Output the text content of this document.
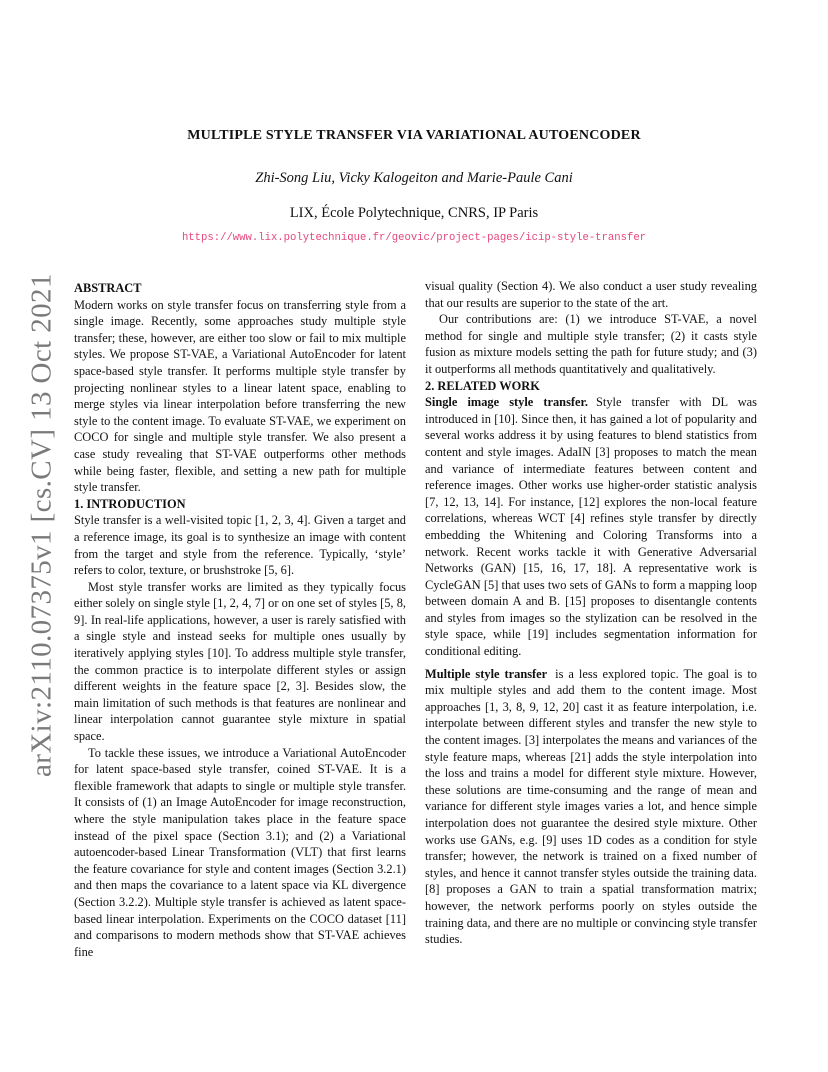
arXiv:2110.07375v1 [cs.CV] 13 Oct 2021
MULTIPLE STYLE TRANSFER VIA VARIATIONAL AUTOENCODER
Zhi-Song Liu, Vicky Kalogeiton and Marie-Paule Cani
LIX, École Polytechnique, CNRS, IP Paris
https://www.lix.polytechnique.fr/geovic/project-pages/icip-style-transfer

ABSTRACT

Modern works on style transfer focus on transferring style from a single image. Recently, some approaches study multiple style transfer; these, however, are either too slow or fail to mix multiple styles. We propose ST-VAE, a Variational AutoEncoder for latent space-based style transfer. It performs multiple style transfer by projecting nonlinear styles to a linear latent space, enabling to merge styles via linear interpolation before transferring the new style to the content image. To evaluate ST-VAE, we experiment on COCO for single and multiple style transfer. We also present a case study revealing that ST-VAE outperforms other methods while being faster, flexible, and setting a new path for multiple style transfer.

1. INTRODUCTION

Style transfer is a well-visited topic [1, 2, 3, 4]. Given a target and a reference image, its goal is to synthesize an image with content from the target and style from the reference. Typically, ‘style’ refers to color, texture, or brushstroke [5, 6].

Most style transfer works are limited as they typically focus either solely on single style [1, 2, 4, 7] or on one set of styles [5, 8, 9]. In real-life applications, however, a user is rarely satisfied with a single style and instead seeks for multiple ones usually by iteratively applying styles [10]. To address multiple style transfer, the common practice is to interpolate different styles or assign different weights in the feature space [2, 3]. Besides slow, the main limitation of such methods is that features are nonlinear and linear interpolation cannot guarantee style mixture in spatial space.

To tackle these issues, we introduce a Variational AutoEncoder for latent space-based style transfer, coined ST-VAE. It is a flexible framework that adapts to single or multiple style transfer. It consists of (1) an Image AutoEncoder for image reconstruction, where the style manipulation takes place in the feature space instead of the pixel space (Section 3.1); and (2) a Variational autoencoder-based Linear Transformation (VLT) that first learns the feature covariance for style and content images (Section 3.2.1) and then maps the covariance to a latent space via KL divergence (Section 3.2.2). Multiple style transfer is achieved as latent space-based linear interpolation. Experiments on the COCO dataset [11] and comparisons to modern methods show that ST-VAE achieves fine

visual quality (Section 4). We also conduct a user study revealing that our results are superior to the state of the art.

Our contributions are: (1) we introduce ST-VAE, a novel method for single and multiple style transfer; (2) it casts style fusion as mixture models setting the path for future study; and (3) it outperforms all methods quantitatively and qualitatively.

2. RELATED WORK

Single image style transfer. Style transfer with DL was introduced in [10]. Since then, it has gained a lot of popularity and several works address it by using features to blend statistics from content and style images. AdaIN [3] proposes to match the mean and variance of intermediate features between content and reference images. Other works use higher-order statistic analysis [7, 12, 13, 14]. For instance, [12] explores the non-local feature correlations, whereas WCT [4] refines style transfer by directly embedding the Whitening and Coloring Transforms into a network. Recent works tackle it with Generative Adversarial Networks (GAN) [15, 16, 17, 18]. A representative work is CycleGAN [5] that uses two sets of GANs to form a mapping loop between domain A and B. [15] proposes to disentangle contents and styles from images so the stylization can be resolved in the style space, while [19] includes segmentation information for conditional editing.

Multiple style transfer is a less explored topic. The goal is to mix multiple styles and add them to the content image. Most approaches [1, 3, 8, 9, 12, 20] cast it as feature interpolation, i.e. interpolate between different styles and transfer the new style to the content images. [3] interpolates the means and variances of the style feature maps, whereas [21] adds the style interpolation into the loss and trains a model for different style mixture. However, these solutions are time-consuming and the range of mean and variance for different style images varies a lot, and hence simple interpolation does not guarantee the desired style mixture. Other works use GANs, e.g. [9] uses 1D codes as a condition for style transfer; however, the network is trained on a fixed number of styles, and hence it cannot transfer styles outside the training data. [8] proposes a GAN to train a spatial transformation matrix; however, the network performs poorly on styles outside the training data, and there are no multiple or convincing style transfer studies.
